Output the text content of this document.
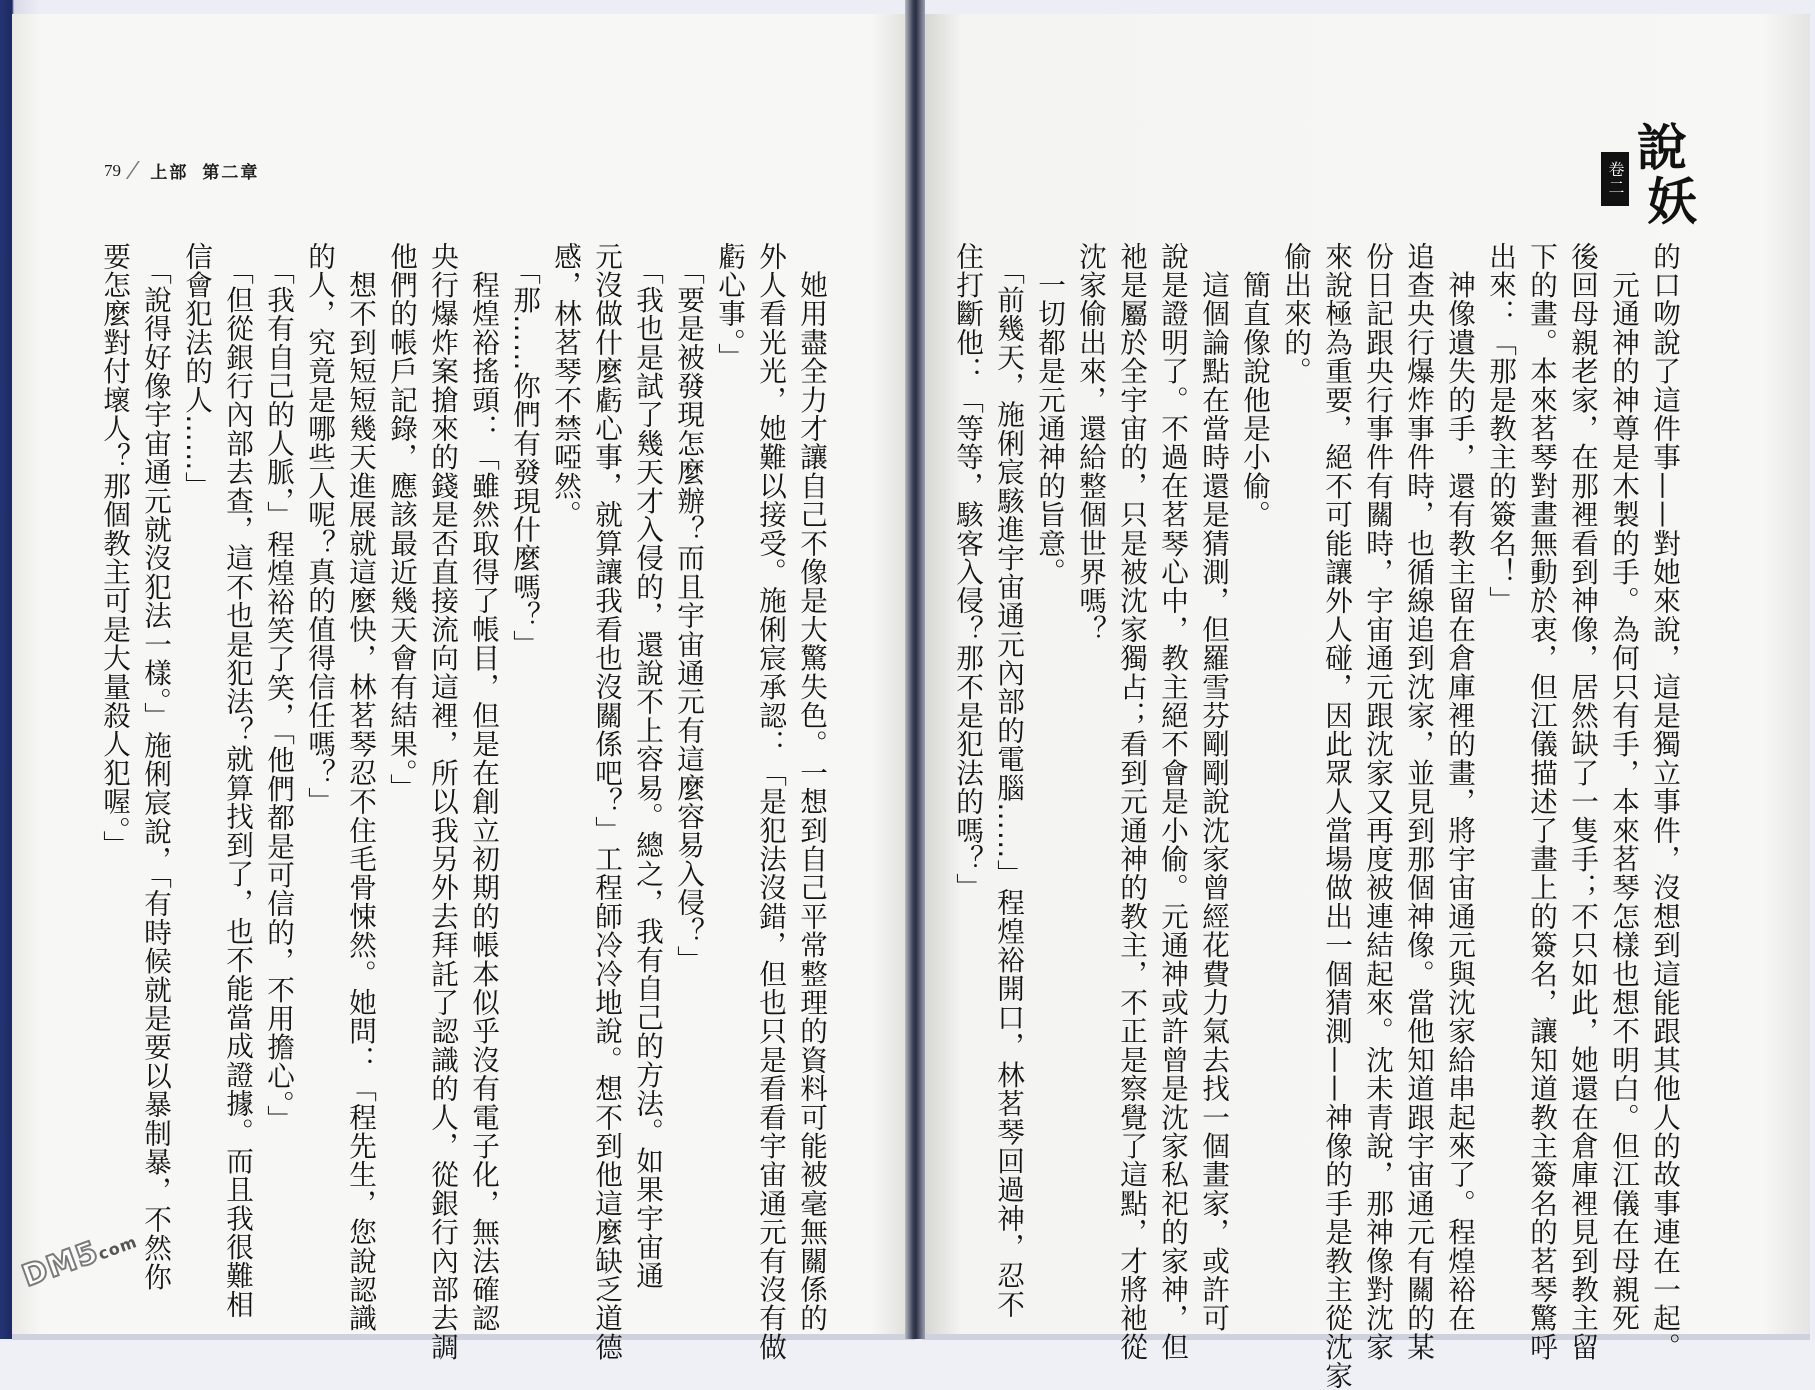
79 / 上部 第二章
　她用盡全力才讓自己不像是大驚失色。一想到自己平常整理的資料可能被毫無關係的
外人看光光，她難以接受。施俐宸承認：「是犯法沒錯，但也只是看看宇宙通元有沒有做
虧心事。」
　「要是被發現怎麼辦？而且宇宙通元有這麼容易入侵？」
　「我也是試了幾天才入侵的，還說不上容易。總之，我有自己的方法。如果宇宙通
元沒做什麼虧心事，就算讓我看也沒關係吧？」工程師冷冷地說。想不到他這麼缺乏道德
感，林茗琴不禁啞然。
　「那……你們有發現什麼嗎？」
　程煌裕搖頭：「雖然取得了帳目，但是在創立初期的帳本似乎沒有電子化，無法確認
央行爆炸案搶來的錢是否直接流向這裡，所以我另外去拜託了認識的人，從銀行內部去調
他們的帳戶記錄，應該最近幾天會有結果。」
　想不到短短幾天進展就這麼快，林茗琴忍不住毛骨悚然。她問：「程先生，您說認識
的人，究竟是哪些人呢？真的值得信任嗎？」
　「我有自己的人脈，」程煌裕笑了笑，「他們都是可信的，不用擔心。」
　「但從銀行內部去查，這不也是犯法？就算找到了，也不能當成證據。而且我很難相
信會犯法的人……」
　「說得好像宇宙通元就沒犯法一樣。」施俐宸說，「有時候就是要以暴制暴，不然你
要怎麼對付壞人？那個教主可是大量殺人犯喔。」	的口吻說了這件事——對她來說，這是獨立事件，沒想到這能跟其他人的故事連在一起。
　元通神的神尊是木製的手。為何只有手，本來茗琴怎樣也想不明白。但江儀在母親死
後回母親老家，在那裡看到神像，居然缺了一隻手；不只如此，她還在倉庫裡見到教主留
下的畫。本來茗琴對畫無動於衷，但江儀描述了畫上的簽名，讓知道教主簽名的茗琴驚呼
出來：「那是教主的簽名！」
　神像遺失的手，還有教主留在倉庫裡的畫，將宇宙通元與沈家給串起來了。程煌裕在
追查央行爆炸事件時，也循線追到沈家，並見到那個神像。當他知道跟宇宙通元有關的某
份日記跟央行事件有關時，宇宙通元跟沈家又再度被連結起來。沈未青說，那神像對沈家
來說極為重要，絕不可能讓外人碰，因此眾人當場做出一個猜測——神像的手是教主從沈家
偷出來的。
　簡直像說他是小偷。
　這個論點在當時還是猜測，但羅雪芬剛剛說沈家曾經花費力氣去找一個畫家，或許可
說是證明了。不過在茗琴心中，教主絕不會是小偷。元通神或許曾是沈家私祀的家神，但
祂是屬於全宇宙的，只是被沈家獨占；看到元通神的教主，不正是察覺了這點，才將祂從
沈家偷出來，還給整個世界嗎？
　一切都是元通神的旨意。
　「前幾天，施俐宸駭進宇宙通元內部的電腦……」程煌裕開口，林茗琴回過神，忍不
住打斷他：「等等，駭客入侵？那不是犯法的嗎？」
卷二
說
妖
DM5com
